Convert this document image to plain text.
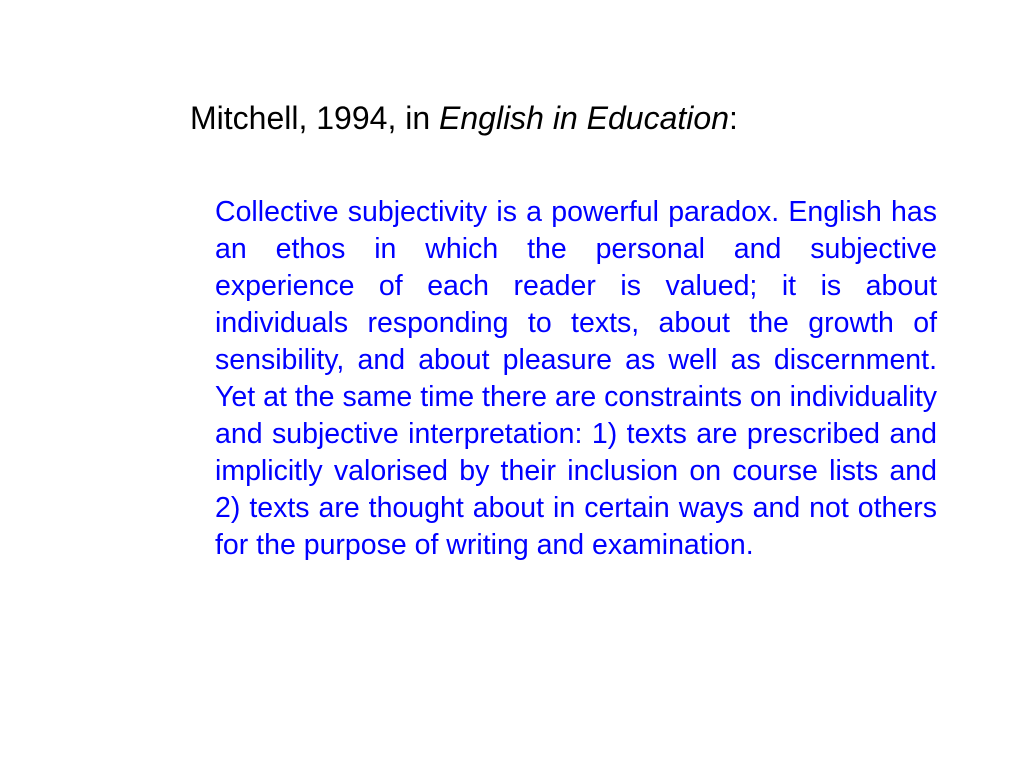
Mitchell, 1994, in English in Education:

Collective subjectivity is a powerful paradox. English has an ethos in which the personal and subjective experience of each reader is valued; it is about individuals responding to texts, about the growth of sensibility, and about pleasure as well as discernment. Yet at the same time there are constraints on individuality and subjective interpretation: 1) texts are prescribed and implicitly valorised by their inclusion on course lists and 2) texts are thought about in certain ways and not others for the purpose of writing and examination.
